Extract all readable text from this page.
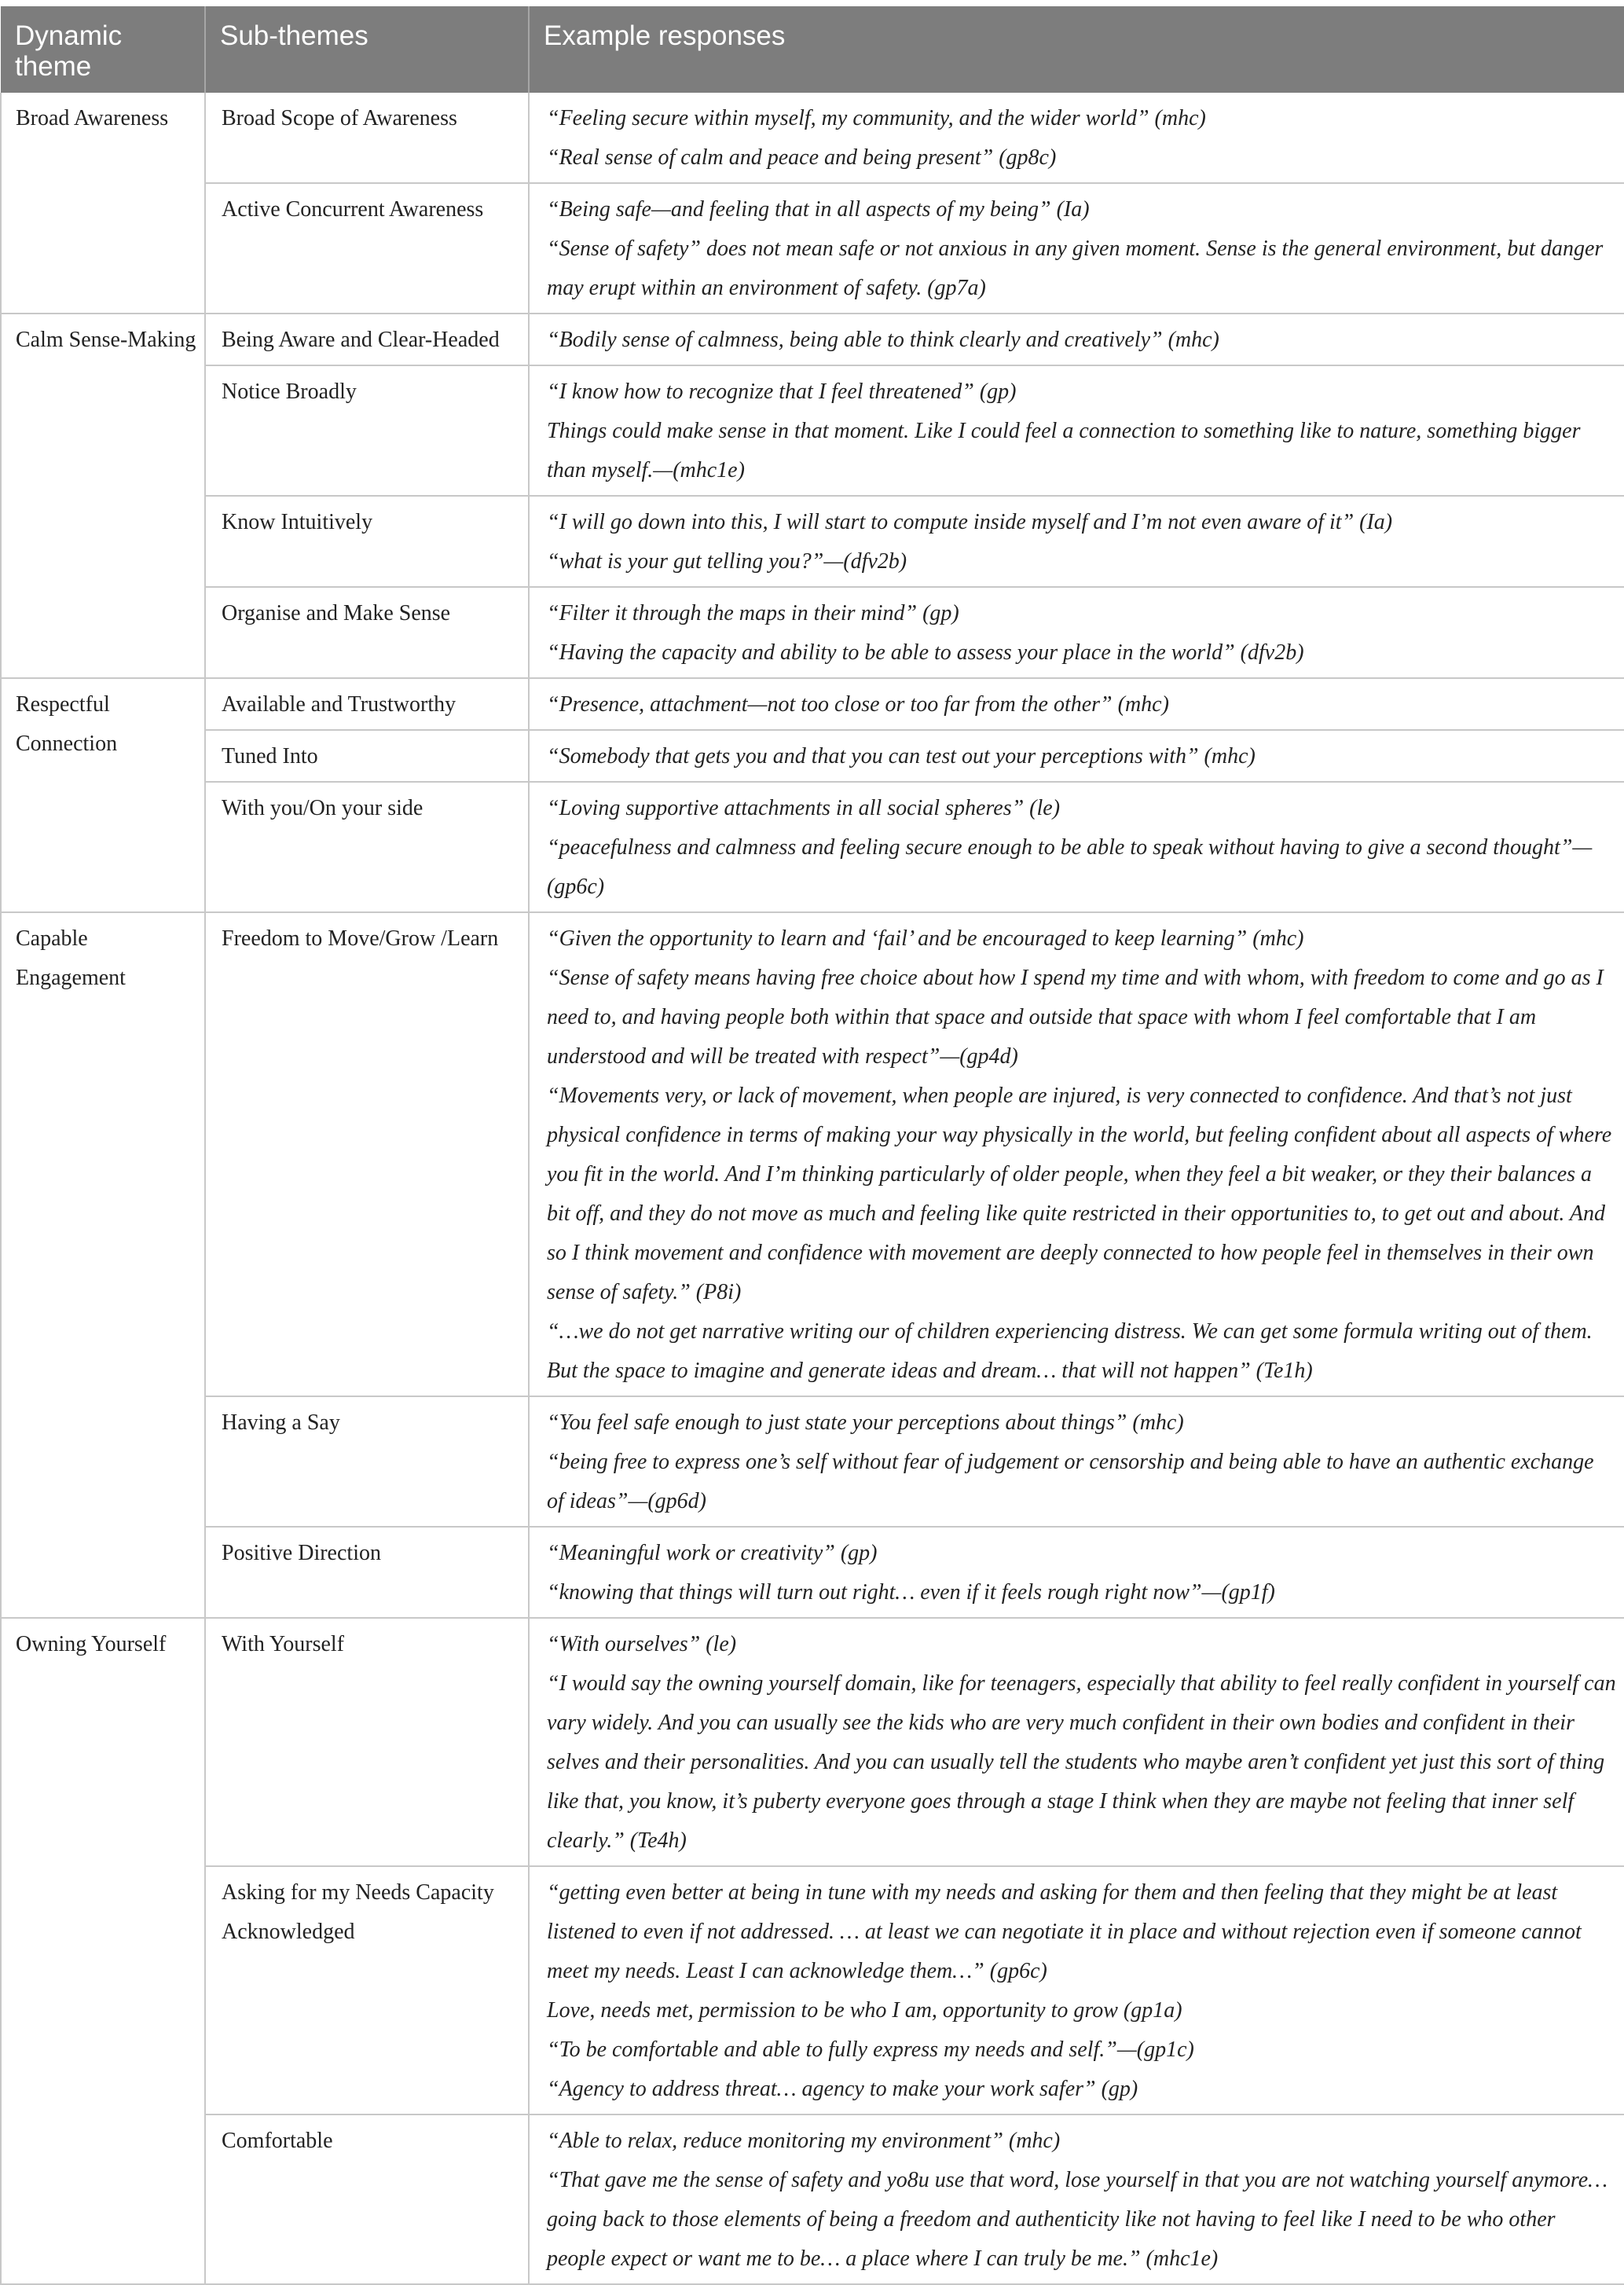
Dynamic theme	Sub-themes	Example responses
Broad Awareness	Broad Scope of Awareness	“Feeling secure within myself, my community, and the wider world” (mhc)
“Real sense of calm and peace and being present” (gp8c)

	Active Concurrent Awareness	“Being safe—and feeling that in all aspects of my being” (Ia)
“Sense of safety” does not mean safe or not anxious in any given moment. Sense is the general environment, but danger may erupt within an environment of safety. (gp7a)

Calm Sense-Making	Being Aware and Clear-Headed	“Bodily sense of calmness, being able to think clearly and creatively” (mhc)

	Notice Broadly	“I know how to recognize that I feel threatened” (gp)
Things could make sense in that moment. Like I could feel a connection to something like to nature, something bigger than myself.—(mhc1e)

	Know Intuitively	“I will go down into this, I will start to compute inside myself and I’m not even aware of it” (Ia)
“what is your gut telling you?”—(dfv2b)

	Organise and Make Sense	“Filter it through the maps in their mind” (gp)
“Having the capacity and ability to be able to assess your place in the world” (dfv2b)

Respectful Connection	Available and Trustworthy	“Presence, attachment—not too close or too far from the other” (mhc)

	Tuned Into	“Somebody that gets you and that you can test out your perceptions with” (mhc)

	With you/On your side	“Loving supportive attachments in all social spheres” (le)
“peacefulness and calmness and feeling secure enough to be able to speak without having to give a second thought”—(gp6c)

Capable Engagement	Freedom to Move/Grow /Learn	“Given the opportunity to learn and ‘fail’ and be encouraged to keep learning” (mhc)
“Sense of safety means having free choice about how I spend my time and with whom, with freedom to come and go as I need to, and having people both within that space and outside that space with whom I feel comfortable that I am understood and will be treated with respect”—(gp4d)
“Movements very, or lack of movement, when people are injured, is very connected to confidence. And that’s not just physical confidence in terms of making your way physically in the world, but feeling confident about all aspects of where you fit in the world. And I’m thinking particularly of older people, when they feel a bit weaker, or they their balances a bit off, and they do not move as much and feeling like quite restricted in their opportunities to, to get out and about. And so I think movement and confidence with movement are deeply connected to how people feel in themselves in their own sense of safety.” (P8i)
“…we do not get narrative writing our of children experiencing distress. We can get some formula writing out of them. But the space to imagine and generate ideas and dream… that will not happen” (Te1h)

	Having a Say	“You feel safe enough to just state your perceptions about things” (mhc)
“being free to express one’s self without fear of judgement or censorship and being able to have an authentic exchange of ideas”—(gp6d)

	Positive Direction	“Meaningful work or creativity” (gp)
“knowing that things will turn out right… even if it feels rough right now”—(gp1f)

Owning Yourself	With Yourself	“With ourselves” (le)
“I would say the owning yourself domain, like for teenagers, especially that ability to feel really confident in yourself can vary widely. And you can usually see the kids who are very much confident in their own bodies and confident in their selves and their personalities. And you can usually tell the students who maybe aren’t confident yet just this sort of thing like that, you know, it’s puberty everyone goes through a stage I think when they are maybe not feeling that inner self clearly.” (Te4h)

	Asking for my Needs Capacity Acknowledged	“getting even better at being in tune with my needs and asking for them and then feeling that they might be at least listened to even if not addressed. … at least we can negotiate it in place and without rejection even if someone cannot meet my needs. Least I can acknowledge them…” (gp6c)
Love, needs met, permission to be who I am, opportunity to grow (gp1a)
“To be comfortable and able to fully express my needs and self.”—(gp1c)
“Agency to address threat… agency to make your work safer” (gp)

	Comfortable	“Able to relax, reduce monitoring my environment” (mhc)
“That gave me the sense of safety and yo8u use that word, lose yourself in that you are not watching yourself anymore… going back to those elements of being a freedom and authenticity like not having to feel like I need to be who other people expect or want me to be… a place where I can truly be me.” (mhc1e)
